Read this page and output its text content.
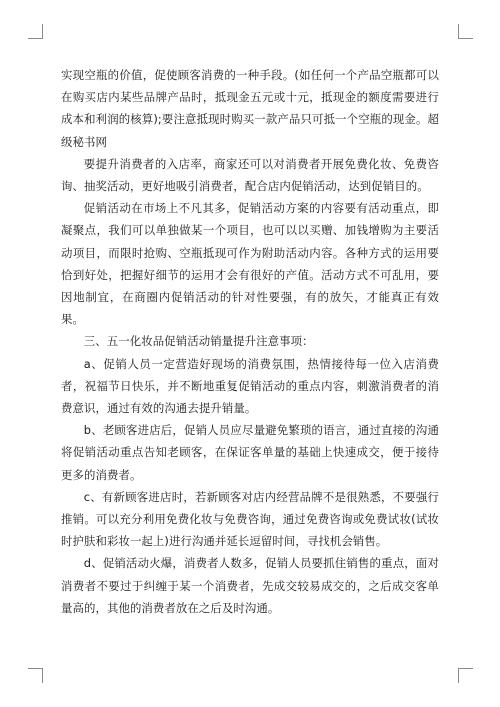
实现空瓶的价值，促使顾客消费的一种手段。(如任何一个产品空瓶都可以在购买店内某些品牌产品时，抵现金五元或十元，抵现金的额度需要进行成本和利润的核算);要注意抵现时购买一款产品只可抵一个空瓶的现金。超级秘书网

要提升消费者的入店率，商家还可以对消费者开展免费化妆、免费咨询、抽奖活动，更好地吸引消费者，配合店内促销活动，达到促销目的。

促销活动在市场上不凡其多，促销活动方案的内容要有活动重点，即凝聚点，我们可以单独做某一个项目，也可以以买赠、加钱增购为主要活动项目，而限时抢购、空瓶抵现可作为附助活动内容。各种方式的运用要恰到好处，把握好细节的运用才会有很好的产值。活动方式不可乱用，要因地制宜，在商圈内促销活动的针对性要强，有的放矢，才能真正有效果。

三、五一化妆品促销活动销量提升注意事项：

a、促销人员一定营造好现场的消费氛围，热情接待每一位入店消费者，祝福节日快乐，并不断地重复促销活动的重点内容，刺激消费者的消费意识，通过有效的沟通去提升销量。

b、老顾客进店后，促销人员应尽量避免繁琐的语言，通过直接的沟通将促销活动重点告知老顾客，在保证客单量的基础上快速成交，便于接待更多的消费者。

c、有新顾客进店时，若新顾客对店内经营品牌不是很熟悉，不要强行推销。可以充分利用免费化妆与免费咨询，通过免费咨询或免费试妆(试妆时护肤和彩妆一起上)进行沟通并延长逗留时间，寻找机会销售。

d、促销活动火爆，消费者人数多，促销人员要抓住销售的重点，面对消费者不要过于纠缠于某一个消费者，先成交较易成交的，之后成交客单量高的，其他的消费者放在之后及时沟通。
